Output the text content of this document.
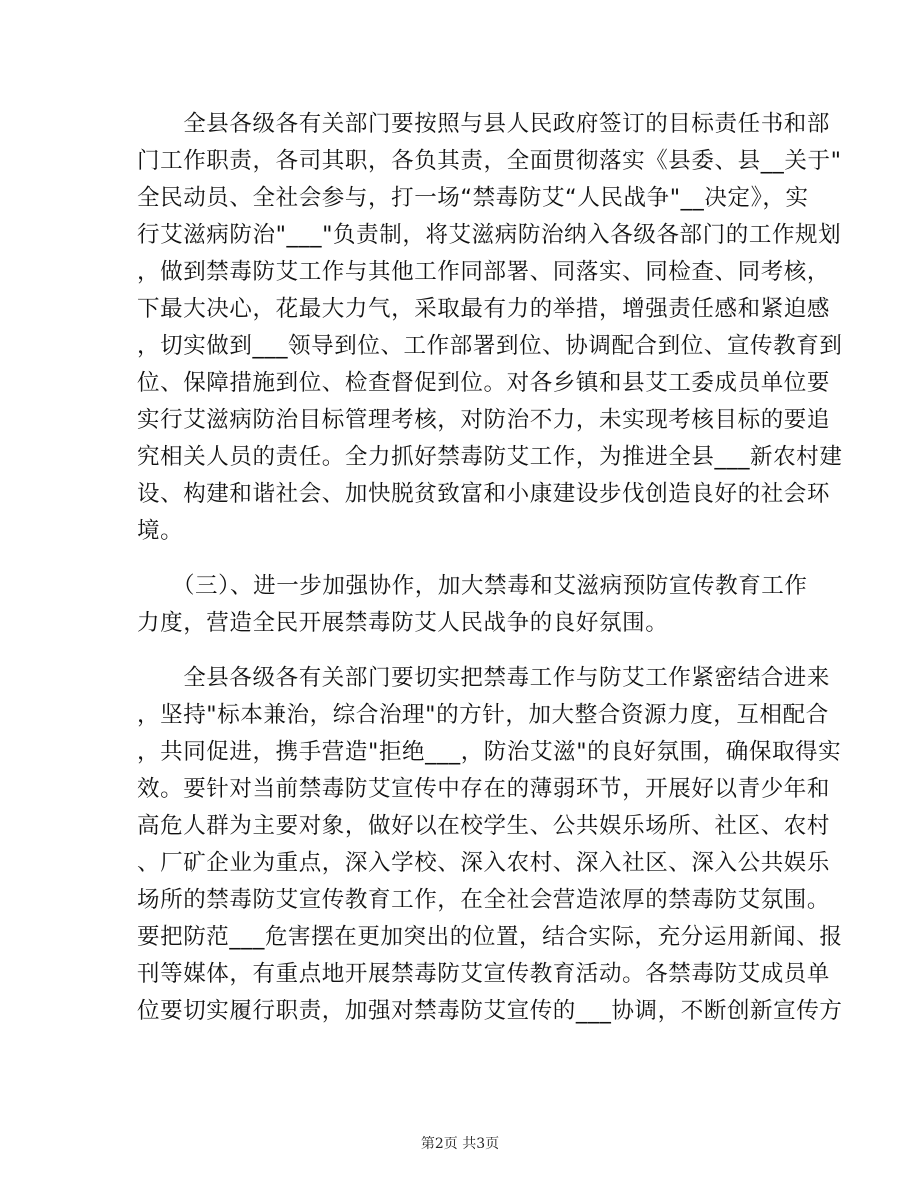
　　全县各级各有关部门要按照与县人民政府签订的目标责任书和部
门工作职责，各司其职，各负其责，全面贯彻落实《县委、县__关于"
全民动员、全社会参与，打一场“禁毒防艾“人民战争"__决定》，实
行艾滋病防治"___"负责制，将艾滋病防治纳入各级各部门的工作规划
，做到禁毒防艾工作与其他工作同部署、同落实、同检查、同考核，
下最大决心，花最大力气，采取最有力的举措，增强责任感和紧迫感
，切实做到___领导到位、工作部署到位、协调配合到位、宣传教育到
位、保障措施到位、检查督促到位。对各乡镇和县艾工委成员单位要
实行艾滋病防治目标管理考核，对防治不力，未实现考核目标的要追
究相关人员的责任。全力抓好禁毒防艾工作，为推进全县___新农村建
设、构建和谐社会、加快脱贫致富和小康建设步伐创造良好的社会环
境。
　　（三）、进一步加强协作，加大禁毒和艾滋病预防宣传教育工作
力度，营造全民开展禁毒防艾人民战争的良好氛围。
　　全县各级各有关部门要切实把禁毒工作与防艾工作紧密结合进来
，坚持"标本兼治，综合治理"的方针，加大整合资源力度，互相配合
，共同促进，携手营造"拒绝___，防治艾滋"的良好氛围，确保取得实
效。要针对当前禁毒防艾宣传中存在的薄弱环节，开展好以青少年和
高危人群为主要对象，做好以在校学生、公共娱乐场所、社区、农村
、厂矿企业为重点，深入学校、深入农村、深入社区、深入公共娱乐
场所的禁毒防艾宣传教育工作，在全社会营造浓厚的禁毒防艾氛围。
要把防范___危害摆在更加突出的位置，结合实际，充分运用新闻、报
刊等媒体，有重点地开展禁毒防艾宣传教育活动。各禁毒防艾成员单
位要切实履行职责，加强对禁毒防艾宣传的___协调，不断创新宣传方
第2页 共3页
